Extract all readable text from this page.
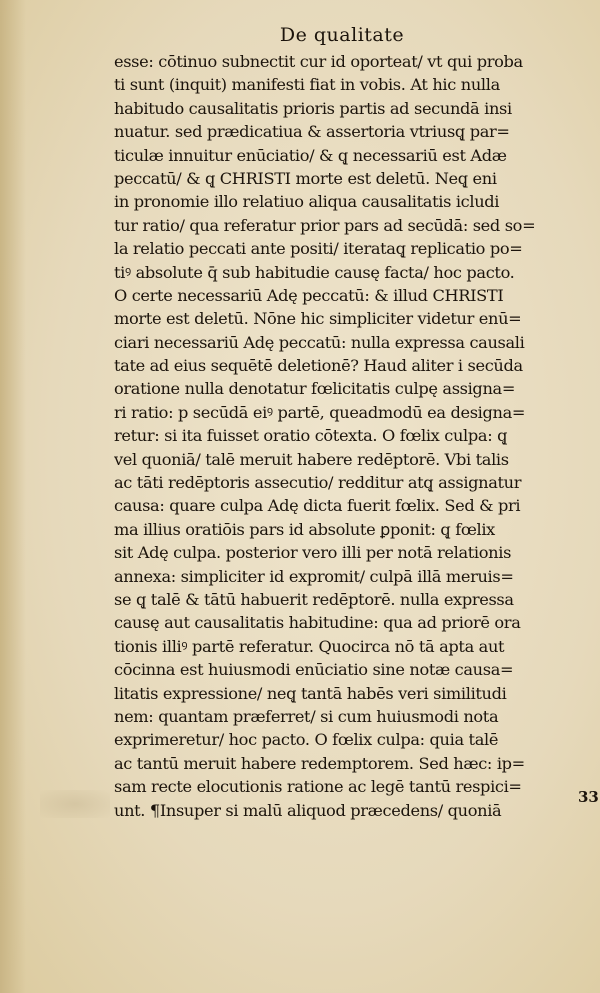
De qualitate
esse: cōtinuo subnectit cur id oporteat/ vt qui proba
ti sunt (inquit) manifesti fiat in vobis. At hic nulla
habitudo causalitatis prioris partis ad secundā insi
nuatur. sed prædicatiua & assertoria vtriusq̨ par=
ticulæ innuitur enūciatio/ & q̨ necessariū est Adæ
peccatū/ & q̨ CHRISTI morte est deletū. Neq̨ eni
in pronomie illo relatiuo aliqua causalitatis icludi
tur ratio/ qua referatur prior pars ad secūdā: sed so=
la relatio peccati ante positi/ iterataq̨ replicatio po=
tiꝰ absolute q̄ sub habitudie causę facta/ hoc pacto.
O certe necessariū Adę peccatū: & illud CHRISTI
morte est deletū. Nōne hic simpliciter videtur enū=
ciari necessariū Adę peccatū: nulla expressa causali
tate ad eius sequētē deletionē? Haud aliter i secūda
oratione nulla denotatur fœlicitatis culpę assigna=
ri ratio: p secūdā eiꝰ partē, queadmodū ea designa=
retur: si ita fuisset oratio cōtexta. O fœlix culpa: q̨
vel quoniā/ talē meruit habere redēptorē. Vbi talis
ac tāti redēptoris assecutio/ redditur atq̨ assignatur
causa: quare culpa Adę dicta fuerit fœlix. Sed & pri
ma illius oratiōis pars id absolute ꝑponit: q̨ fœlix
sit Adę culpa. posterior vero illi per notā relationis
annexa: simpliciter id expromit/ culpā illā meruis=
se q̨ talē & tātū habuerit redēptorē. nulla expressa
causę aut causalitatis habitudine: qua ad priorē ora
tionis illiꝰ partē referatur. Quocirca nō tā apta aut
cōcinna est huiusmodi enūciatio sine notæ causa=
litatis expressione/ neq̨ tantā habēs veri similitudi
nem: quantam præferret/ si cum huiusmodi nota
exprimeretur/ hoc pacto. O fœlix culpa: quia talē
ac tantū meruit habere redemptorem. Sed hæc: ip=
sam recte elocutionis ratione ac legē tantū respici=
unt. ¶Insuper si malū aliquod præcedens/ quoniā
33
